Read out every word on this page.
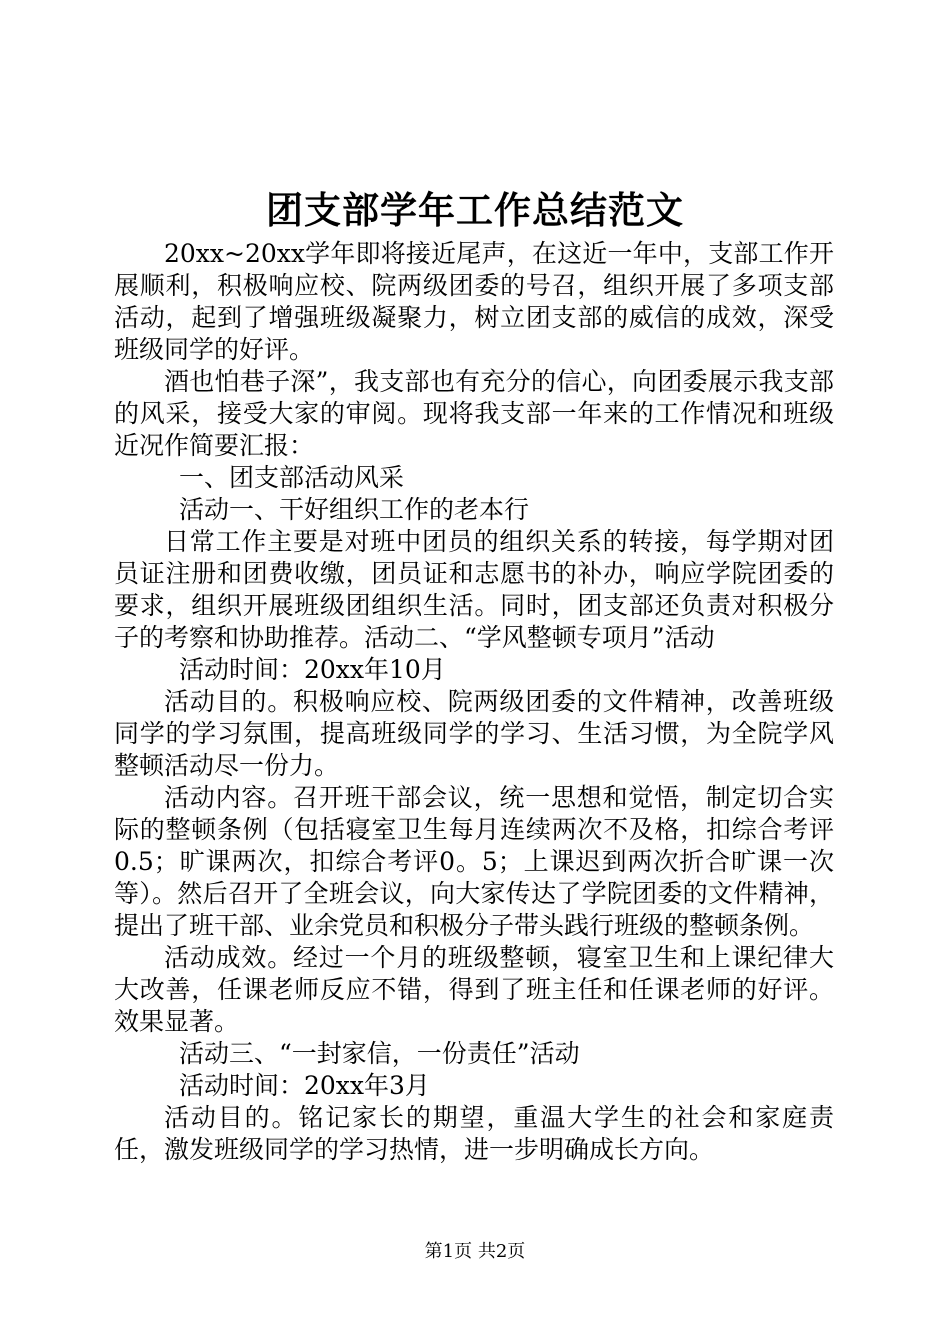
团支部学年工作总结范文

20xx~20xx学年即将接近尾声，在这近一年中，支部工作开展顺利，积极响应校、院两级团委的号召，组织开展了多项支部活动，起到了增强班级凝聚力，树立团支部的威信的成效，深受班级同学的好评。

酒也怕巷子深”，我支部也有充分的信心，向团委展示我支部的风采，接受大家的审阅。现将我支部一年来的工作情况和班级近况作简要汇报：

一、团支部活动风采

活动一、干好组织工作的老本行

日常工作主要是对班中团员的组织关系的转接，每学期对团员证注册和团费收缴，团员证和志愿书的补办，响应学院团委的要求，组织开展班级团组织生活。同时，团支部还负责对积极分子的考察和协助推荐。活动二、“学风整顿专项月”活动

活动时间：20xx年10月

活动目的。积极响应校、院两级团委的文件精神，改善班级同学的学习氛围，提高班级同学的学习、生活习惯，为全院学风整顿活动尽一份力。

活动内容。召开班干部会议，统一思想和觉悟，制定切合实际的整顿条例（包括寝室卫生每月连续两次不及格，扣综合考评0.5；旷课两次，扣综合考评0。5；上课迟到两次折合旷课一次等）。然后召开了全班会议，向大家传达了学院团委的文件精神，提出了班干部、业余党员和积极分子带头践行班级的整顿条例。

活动成效。经过一个月的班级整顿，寝室卫生和上课纪律大大改善，任课老师反应不错，得到了班主任和任课老师的好评。效果显著。

活动三、“一封家信，一份责任”活动

活动时间：20xx年3月

活动目的。铭记家长的期望，重温大学生的社会和家庭责任，激发班级同学的学习热情，进一步明确成长方向。

第1页 共2页
